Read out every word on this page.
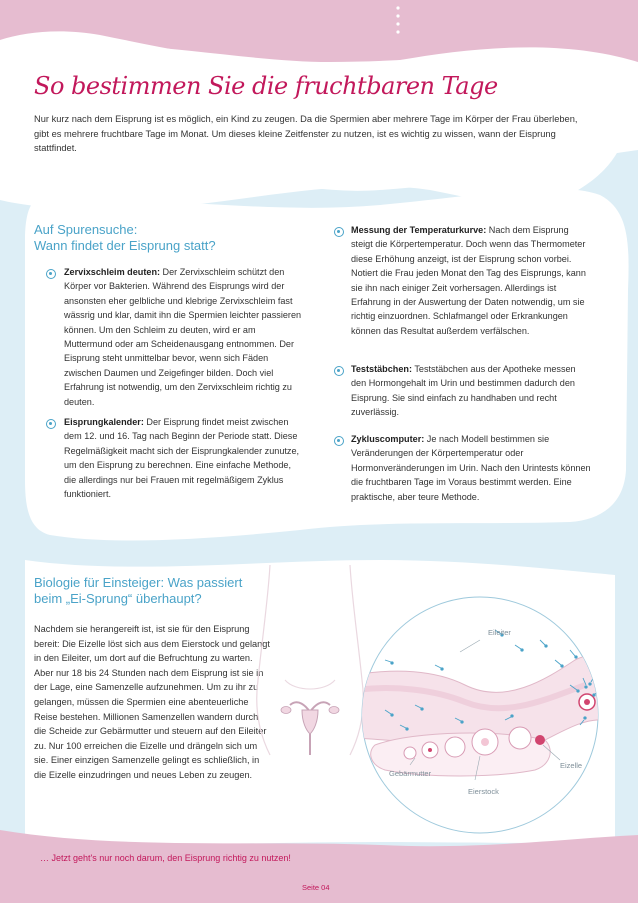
So bestimmen Sie die fruchtbaren Tage
Nur kurz nach dem Eisprung ist es möglich, ein Kind zu zeugen. Da die Spermien aber mehrere Tage im Körper der Frau überleben, gibt es mehrere fruchtbare Tage im Monat. Um dieses kleine Zeitfenster zu nutzen, ist es wichtig zu wissen, wann der Eisprung stattfindet.
Auf Spurensuche:
Wann findet der Eisprung statt?
Zervixschleim deuten: Der Zervixschleim schützt den Körper vor Bakterien. Während des Eisprungs wird der ansonsten eher gelbliche und klebrige Zervixschleim fast wässrig und klar, damit ihn die Spermien leichter passieren können. Um den Schleim zu deuten, wird er am Muttermund oder am Scheidenausgang entnommen. Der Eisprung steht unmittelbar bevor, wenn sich Fäden zwischen Daumen und Zeigefinger bilden. Doch viel Erfahrung ist notwendig, um den Zervixschleim richtig zu deuten.
Eisprungkalender: Der Eisprung findet meist zwischen dem 12. und 16. Tag nach Beginn der Periode statt. Diese Regelmäßigkeit macht sich der Eisprungkalender zunutze, um den Eisprung zu berechnen. Eine einfache Methode, die allerdings nur bei Frauen mit regelmäßigem Zyklus funktioniert.
Messung der Temperaturkurve: Nach dem Eisprung steigt die Körpertemperatur. Doch wenn das Thermometer diese Erhöhung anzeigt, ist der Eisprung schon vorbei. Notiert die Frau jeden Monat den Tag des Eisprungs, kann sie ihn nach einiger Zeit vorhersagen. Allerdings ist Erfahrung in der Auswertung der Daten notwendig, um sie richtig einzuordnen. Schlafmangel oder Erkrankungen können das Resultat außerdem verfälschen.
Teststäbchen: Teststäbchen aus der Apotheke messen den Hormongehalt im Urin und bestimmen dadurch den Eisprung. Sie sind einfach zu handhaben und recht zuverlässig.
Zykluscomputer: Je nach Modell bestimmen sie Veränderungen der Körpertemperatur oder Hormonveränderungen im Urin. Nach den Urintests können die fruchtbaren Tage im Voraus bestimmt werden. Eine praktische, aber teure Methode.
Biologie für Einsteiger: Was passiert
beim „Ei-Sprung“ überhaupt?
Nachdem sie herangereift ist, ist sie für den Eisprung bereit: Die Eizelle löst sich aus dem Eierstock und gelangt in den Eileiter, um dort auf die Befruchtung zu warten. Aber nur 18 bis 24 Stunden nach dem Eisprung ist sie in der Lage, eine Samenzelle aufzunehmen. Um zu ihr zu gelangen, müssen die Spermien eine abenteuerliche Reise bestehen. Millionen Samenzellen wandern durch die Scheide zur Gebärmutter und steuern auf den Eileiter zu. Nur 100 erreichen die Eizelle und drängeln sich um sie. Einer einzigen Samenzelle gelingt es schließlich, in die Eizelle einzudringen und neues Leben zu zeugen.
Eileiter
Gebärmutter
Eierstock
Eizelle
… Jetzt geht's nur noch darum, den Eisprung richtig zu nutzen!
Seite 04
